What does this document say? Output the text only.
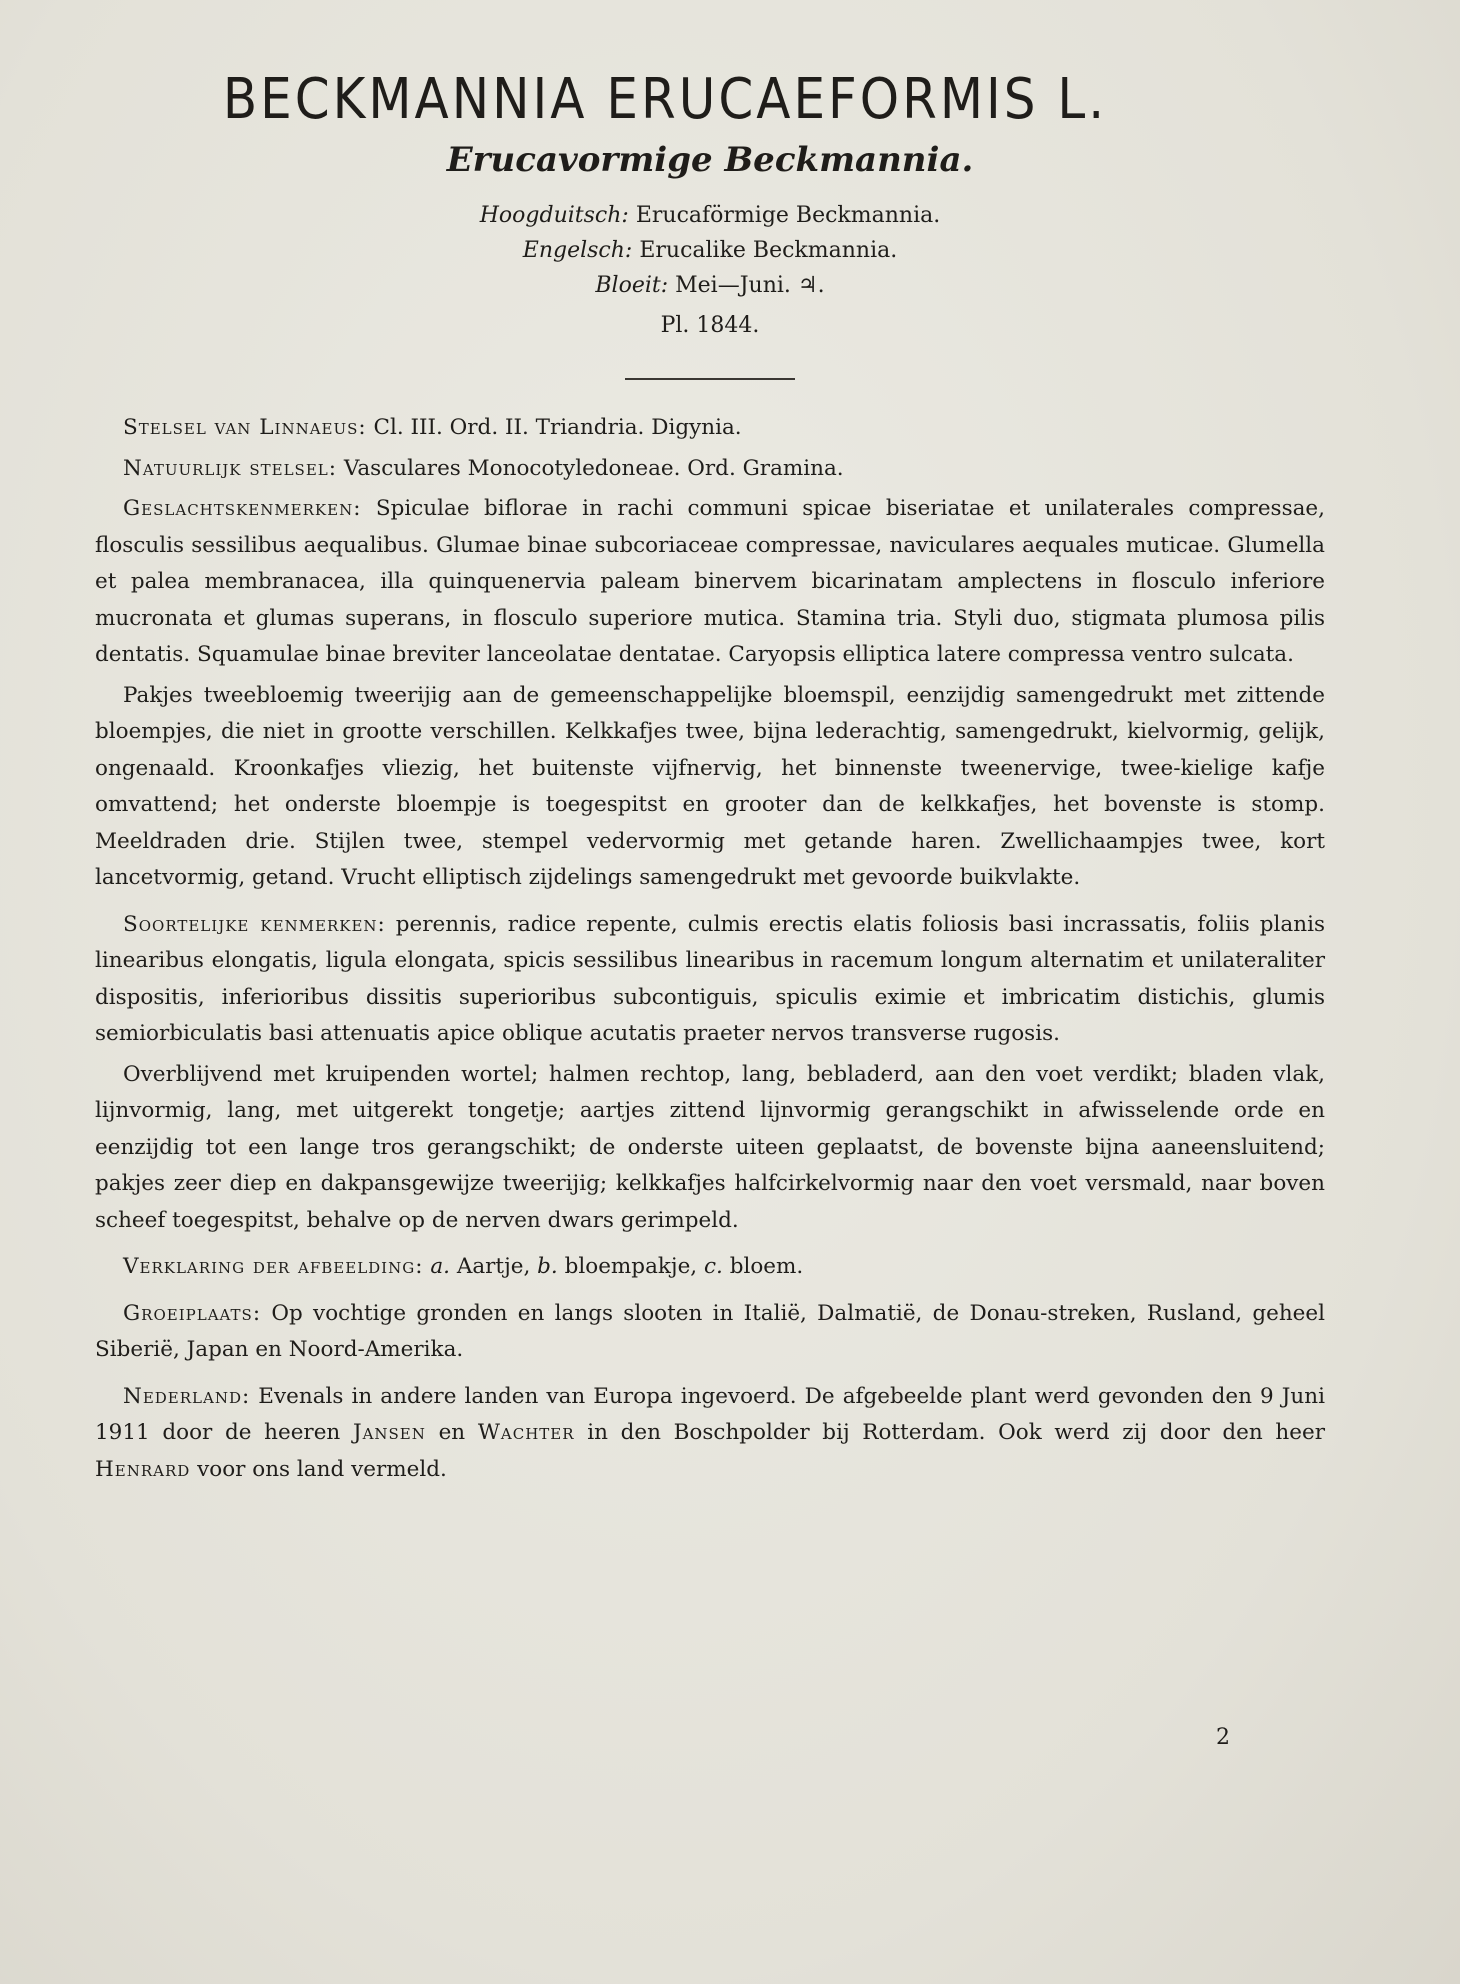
BECKMANNIA ERUCAEFORMIS L.
Erucavormige Beckmannia.
Hoogduitsch: Erucaförmige Beckmannia.
Engelsch: Erucalike Beckmannia.
Bloeit: Mei—Juni. ♃.
Pl. 1844.

Stelsel van Linnaeus: Cl. III. Ord. II. Triandria. Digynia.

Natuurlijk stelsel: Vasculares Monocotyledoneae. Ord. Gramina.

Geslachtskenmerken: Spiculae biflorae in rachi communi spicae biseriatae et unilaterales compressae, flosculis sessilibus aequalibus. Glumae binae subcoriaceae compressae, naviculares aequales muticae. Glumella et palea membranacea, illa quinquenervia paleam binervem bicarinatam amplectens in flosculo inferiore mucronata et glumas superans, in flosculo superiore mutica. Stamina tria. Styli duo, stigmata plumosa pilis dentatis. Squamulae binae breviter lanceolatae dentatae. Caryopsis elliptica latere compressa ventro sulcata.

Pakjes tweebloemig tweerijig aan de gemeenschappelijke bloemspil, eenzijdig samengedrukt met zittende bloempjes, die niet in grootte verschillen. Kelkkafjes twee, bijna lederachtig, samengedrukt, kielvormig, gelijk, ongenaald. Kroonkafjes vliezig, het buitenste vijfnervig, het binnenste tweenervige, twee-kielige kafje omvattend; het onderste bloempje is toegespitst en grooter dan de kelkkafjes, het bovenste is stomp. Meeldraden drie. Stijlen twee, stempel vedervormig met getande haren. Zwellichaampjes twee, kort lancetvormig, getand. Vrucht elliptisch zijdelings samengedrukt met gevoorde buikvlakte.

Soortelijke kenmerken: perennis, radice repente, culmis erectis elatis foliosis basi incrassatis, foliis planis linearibus elongatis, ligula elongata, spicis sessilibus linearibus in racemum longum alternatim et unilateraliter dispositis, inferioribus dissitis superioribus subcontiguis, spiculis eximie et imbricatim distichis, glumis semiorbiculatis basi attenuatis apice oblique acutatis praeter nervos transverse rugosis.

Overblijvend met kruipenden wortel; halmen rechtop, lang, bebladerd, aan den voet verdikt; bladen vlak, lijnvormig, lang, met uitgerekt tongetje; aartjes zittend lijnvormig gerangschikt in afwisselende orde en eenzijdig tot een lange tros gerangschikt; de onderste uiteen geplaatst, de bovenste bijna aaneensluitend; pakjes zeer diep en dakpansgewijze tweerijig; kelkkafjes halfcirkelvormig naar den voet versmald, naar boven scheef toegespitst, behalve op de nerven dwars gerimpeld.

Verklaring der afbeelding: a. Aartje, b. bloempakje, c. bloem.

Groeiplaats: Op vochtige gronden en langs slooten in Italië, Dalmatië, de Donau-streken, Rusland, geheel Siberië, Japan en Noord-Amerika.

Nederland: Evenals in andere landen van Europa ingevoerd. De afgebeelde plant werd gevonden den 9 Juni 1911 door de heeren Jansen en Wachter in den Boschpolder bij Rotterdam. Ook werd zij door den heer Henrard voor ons land vermeld.

2
